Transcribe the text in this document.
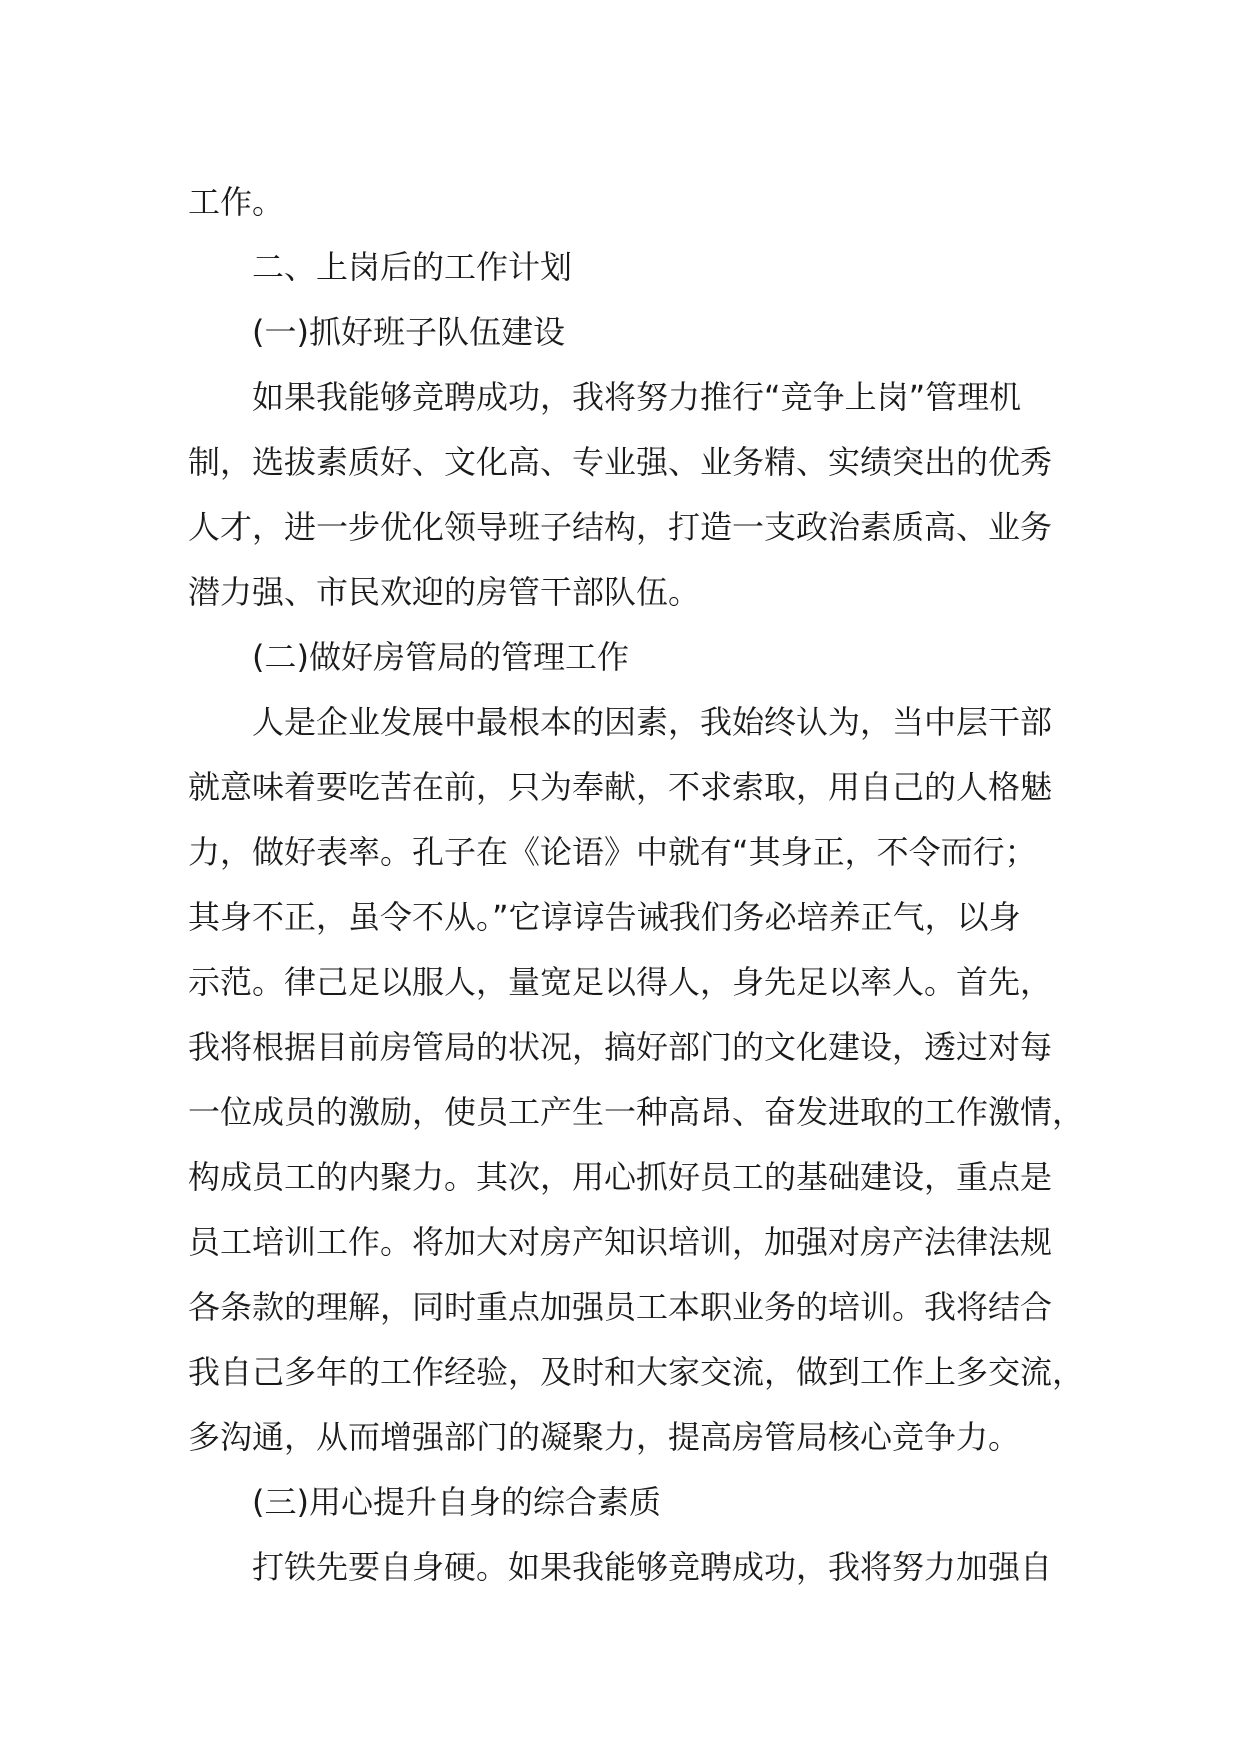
工作。
二、上岗后的工作计划
(一)抓好班子队伍建设
如果我能够竞聘成功，我将努力推行“竞争上岗”管理机
制，选拔素质好、文化高、专业强、业务精、实绩突出的优秀
人才，进一步优化领导班子结构，打造一支政治素质高、业务
潜力强、市民欢迎的房管干部队伍。
(二)做好房管局的管理工作
人是企业发展中最根本的因素，我始终认为，当中层干部
就意味着要吃苦在前，只为奉献，不求索取，用自己的人格魅
力，做好表率。孔子在《论语》中就有“其身正，不令而行；
其身不正，虽令不从。”它谆谆告诫我们务必培养正气，以身
示范。律己足以服人，量宽足以得人，身先足以率人。首先，
我将根据目前房管局的状况，搞好部门的文化建设，透过对每
一位成员的激励，使员工产生一种高昂、奋发进取的工作激情，
构成员工的内聚力。其次，用心抓好员工的基础建设，重点是
员工培训工作。将加大对房产知识培训，加强对房产法律法规
各条款的理解，同时重点加强员工本职业务的培训。我将结合
我自己多年的工作经验，及时和大家交流，做到工作上多交流，
多沟通，从而增强部门的凝聚力，提高房管局核心竞争力。
(三)用心提升自身的综合素质
打铁先要自身硬。如果我能够竞聘成功，我将努力加强自
